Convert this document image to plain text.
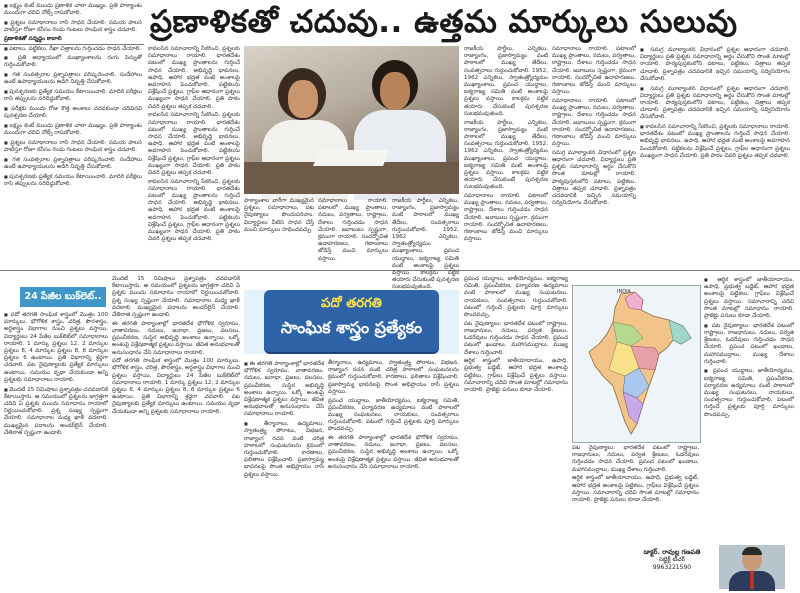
ప్రణాళికతో చదువు.. ఉత్తమ మార్కులు సులువు

■ లక్ష్యం కంటే ముందు ప్రణాళిక చాలా ముఖ్యం. ప్రతి పాఠ్యాంశం ముందుగా చదివి నోట్స్‌ రాసుకోవాలి.

■ ప్రశ్నలు సమాధానాలు రాసి సాధన చేయాలి. సమయ పాలన పాటిస్తూ రోజూ కనీసం రెండు గంటలు సాంఘిక శాస్త్రం చదవాలి.

ప్రణాళికతో సన్నద్ధం కావాలి

■ పటాలు, పట్టికలు, రేఖా చిత్రాలను గుర్తించడం సాధన చేయాలి.

■ ప్రతి అధ్యాయంలో ముఖ్యాంశాలను రంగు పెన్నుతో గుర్తించుకోవాలి.

■ గత సంవత్సరాల ప్రశ్నాపత్రాలు పరిష్కరించాలి. సందేహాలు ఉంటే ఉపాధ్యాయులను అడిగి నివృత్తి చేసుకోవాలి.

■ పునశ్చరణకు ప్రత్యేక సమయం కేటాయించాలి. మాదిరి పరీక్షలు రాసి తప్పులను సరిదిద్దుకోవాలి.

■ పరీక్షకు ముందు రోజు కొత్త అంశాలు చదవకుండా చదివినవి పునశ్చరణ చేయాలి.

■ లక్ష్యం కంటే ముందు ప్రణాళిక చాలా ముఖ్యం. ప్రతి పాఠ్యాంశం ముందుగా చదివి నోట్స్‌ రాసుకోవాలి.

■ ప్రశ్నలు సమాధానాలు రాసి సాధన చేయాలి. సమయ పాలన పాటిస్తూ రోజూ కనీసం రెండు గంటలు సాంఘిక శాస్త్రం చదవాలి.

■ గత సంవత్సరాల ప్రశ్నాపత్రాలు పరిష్కరించాలి. సందేహాలు ఉంటే ఉపాధ్యాయులను అడిగి నివృత్తి చేసుకోవాలి.

■ పునశ్చరణకు ప్రత్యేక సమయం కేటాయించాలి. మాదిరి పరీక్షలు రాసి తప్పులను సరిదిద్దుకోవాలి.

కావలసిన సమాచారాన్ని సేకరించి, ప్రశ్నలకు సమాధానాలు రాయాలి. భారతదేశం పటంలో ముఖ్య ప్రాంతాలను గుర్తించే సాధన చేయాలి. అభివృద్ధి భావనలు, ఉపాధి, ఆహార భద్రత వంటి అంశాలపై అవగాహన పెంచుకోవాలి. పట్టికలను విశ్లేషించే ప్రశ్నలు, గ్రాఫ్‌ల ఆధారంగా ప్రశ్నలు ముఖ్యంగా సాధన చేయాలి. ప్రతి పాఠం చివరి ప్రశ్నలు తప్పక చదవాలి.

కావలసిన సమాచారాన్ని సేకరించి, ప్రశ్నలకు సమాధానాలు రాయాలి. భారతదేశం పటంలో ముఖ్య ప్రాంతాలను గుర్తించే సాధన చేయాలి. అభివృద్ధి భావనలు, ఉపాధి, ఆహార భద్రత వంటి అంశాలపై అవగాహన పెంచుకోవాలి. పట్టికలను విశ్లేషించే ప్రశ్నలు, గ్రాఫ్‌ల ఆధారంగా ప్రశ్నలు ముఖ్యంగా సాధన చేయాలి. ప్రతి పాఠం చివరి ప్రశ్నలు తప్పక చదవాలి.

కావలసిన సమాచారాన్ని సేకరించి, ప్రశ్నలకు సమాధానాలు రాయాలి. భారతదేశం పటంలో ముఖ్య ప్రాంతాలను గుర్తించే సాధన చేయాలి. అభివృద్ధి భావనలు, ఉపాధి, ఆహార భద్రత వంటి అంశాలపై అవగాహన పెంచుకోవాలి. పట్టికలను విశ్లేషించే ప్రశ్నలు, గ్రాఫ్‌ల ఆధారంగా ప్రశ్నలు ముఖ్యంగా సాధన చేయాలి. ప్రతి పాఠం చివరి ప్రశ్నలు తప్పక చదవాలి.

పాఠ్యాంశాల వారీగా ముఖ్యమైన ప్రశ్నలు, సమాధానాలు, పట నైపుణ్యాలు పొందుపరిచాం. విద్యార్థులు వీటిని సాధన చేస్తే మంచి మార్కులు సాధించవచ్చు.

సమాధానాలు రాయాలి. పటాలలో ముఖ్య ప్రాంతాలు, నదులు, పర్వతాలు, రాష్ట్రాలు, దేశాలు గుర్తించడం సాధన చేయాలి. జవాబులు స్పష్టంగా, క్రమంగా రాయాలి. సందర్భోచిత ఉదాహరణలు, గణాంకాలు జోడిస్తే మంచి మార్కులు వస్తాయి.

రాజకీయ పార్టీలు, ఎన్నికలు, రాజ్యాంగం, ప్రజాస్వామ్యం వంటి పాఠాలలో ముఖ్య తేదీలు, సంవత్సరాలు గుర్తుంచుకోవాలి. 1952, 1962 ఎన్నికలు, స్వాతంత్ర్యోద్యమం ముఖ్యాంశాలు, ప్రపంచ యుద్ధాలు, ఐక్యరాజ్య సమితి వంటి అంశాలపై ప్రశ్నలు వస్తాయి. కాలక్రమ పట్టిక తయారు చేసుకుంటే పునశ్చరణ సులభమవుతుంది.

రాజకీయ పార్టీలు, ఎన్నికలు, రాజ్యాంగం, ప్రజాస్వామ్యం వంటి పాఠాలలో ముఖ్య తేదీలు, సంవత్సరాలు గుర్తుంచుకోవాలి. 1952, 1962 ఎన్నికలు, స్వాతంత్ర్యోద్యమం ముఖ్యాంశాలు, ప్రపంచ యుద్ధాలు, ఐక్యరాజ్య సమితి వంటి అంశాలపై ప్రశ్నలు వస్తాయి. కాలక్రమ పట్టిక తయారు చేసుకుంటే పునశ్చరణ సులభమవుతుంది.

రాజకీయ పార్టీలు, ఎన్నికలు, రాజ్యాంగం, ప్రజాస్వామ్యం వంటి పాఠాలలో ముఖ్య తేదీలు, సంవత్సరాలు గుర్తుంచుకోవాలి. 1952, 1962 ఎన్నికలు, స్వాతంత్ర్యోద్యమం ముఖ్యాంశాలు, ప్రపంచ యుద్ధాలు, ఐక్యరాజ్య సమితి వంటి అంశాలపై ప్రశ్నలు వస్తాయి. కాలక్రమ పట్టిక తయారు చేసుకుంటే పునశ్చరణ సులభమవుతుంది.

సమాధానాలు రాయాలి. పటాలలో ముఖ్య ప్రాంతాలు, నదులు, పర్వతాలు, రాష్ట్రాలు, దేశాలు గుర్తించడం సాధన చేయాలి. జవాబులు స్పష్టంగా, క్రమంగా రాయాలి. సందర్భోచిత ఉదాహరణలు, గణాంకాలు జోడిస్తే మంచి మార్కులు వస్తాయి.

సమాధానాలు రాయాలి. పటాలలో ముఖ్య ప్రాంతాలు, నదులు, పర్వతాలు, రాష్ట్రాలు, దేశాలు గుర్తించడం సాధన చేయాలి. జవాబులు స్పష్టంగా, క్రమంగా రాయాలి. సందర్భోచిత ఉదాహరణలు, గణాంకాలు జోడిస్తే మంచి మార్కులు వస్తాయి.

సమాధానాలు రాయాలి. పటాలలో ముఖ్య ప్రాంతాలు, నదులు, పర్వతాలు, రాష్ట్రాలు, దేశాలు గుర్తించడం సాధన చేయాలి. జవాబులు స్పష్టంగా, క్రమంగా రాయాలి. సందర్భోచిత ఉదాహరణలు, గణాంకాలు జోడిస్తే మంచి మార్కులు వస్తాయి.

సమగ్ర మూల్యాంకన విధానంలో ప్రశ్నల ఆధారంగా చదవాలి. విద్యార్థులు ప్రతి ప్రశ్నకు సమాధానాన్ని అర్థం చేసుకొని సొంత మాటల్లో రాయాలి. పాఠ్యపుస్తకంలోని పటాలు, పట్టికలు, చిత్రాలు తప్పక చూడాలి. ప్రశ్నాపత్రం చదవడానికి ఇచ్చిన సమయాన్ని సద్వినియోగం చేసుకోవాలి.

■ సమగ్ర మూల్యాంకన విధానంలో ప్రశ్నల ఆధారంగా చదవాలి. విద్యార్థులు ప్రతి ప్రశ్నకు సమాధానాన్ని అర్థం చేసుకొని సొంత మాటల్లో రాయాలి. పాఠ్యపుస్తకంలోని పటాలు, పట్టికలు, చిత్రాలు తప్పక చూడాలి. ప్రశ్నాపత్రం చదవడానికి ఇచ్చిన సమయాన్ని సద్వినియోగం చేసుకోవాలి.

■ సమగ్ర మూల్యాంకన విధానంలో ప్రశ్నల ఆధారంగా చదవాలి. విద్యార్థులు ప్రతి ప్రశ్నకు సమాధానాన్ని అర్థం చేసుకొని సొంత మాటల్లో రాయాలి. పాఠ్యపుస్తకంలోని పటాలు, పట్టికలు, చిత్రాలు తప్పక చూడాలి. ప్రశ్నాపత్రం చదవడానికి ఇచ్చిన సమయాన్ని సద్వినియోగం చేసుకోవాలి.

■ కావలసిన సమాచారాన్ని సేకరించి, ప్రశ్నలకు సమాధానాలు రాయాలి. భారతదేశం పటంలో ముఖ్య ప్రాంతాలను గుర్తించే సాధన చేయాలి. అభివృద్ధి భావనలు, ఉపాధి, ఆహార భద్రత వంటి అంశాలపై అవగాహన పెంచుకోవాలి. పట్టికలను విశ్లేషించే ప్రశ్నలు, గ్రాఫ్‌ల ఆధారంగా ప్రశ్నలు ముఖ్యంగా సాధన చేయాలి. ప్రతి పాఠం చివరి ప్రశ్నలు తప్పక చదవాలి.

24 పేజీల బుక్‌లెట్‌..

■ పదో తరగతి సాంఘిక శాస్త్రంలో మొత్తం 100 మార్కులు. భౌగోళిక శాస్త్రం, చరిత్ర, పౌరశాస్త్రం, అర్థశాస్త్రం విభాగాల నుంచి ప్రశ్నలు వస్తాయి. విద్యార్థులు 24 పేజీల బుక్‌లెట్‌లో సమాధానాలు రాయాలి. 1 మార్కు ప్రశ్నలు 12, 2 మార్కుల ప్రశ్నలు 8, 4 మార్కుల ప్రశ్నలు 8, 8 మార్కుల ప్రశ్నలు 6 ఉంటాయి. ప్రతి విభాగాన్ని శ్రద్ధగా చదవాలి. పట నైపుణ్యాలకు ప్రత్యేక మార్కులు ఉంటాయి. సమయం వృథా చేయకుండా అన్ని ప్రశ్నలకు సమాధానాలు రాయాలి.

■ మొదటి 15 నిమిషాలు ప్రశ్నాపత్రం చదవడానికి కేటాయిస్తారు. ఆ సమయంలో ప్రశ్నలను జాగ్రత్తగా చదివి ఏ ప్రశ్నకు ముందు సమాధానం రాయాలో నిర్ణయించుకోవాలి. ప్రశ్న సంఖ్య స్పష్టంగా వేయాలి. సమాధానాల మధ్య ఖాళీ వదలాలి. ముఖ్యమైన పదాలను అండర్‌లైన్‌ చేయాలి. చేతిరాత స్పష్టంగా ఉండాలి.

మొదటి 15 నిమిషాలు ప్రశ్నాపత్రం చదవడానికి కేటాయిస్తారు. ఆ సమయంలో ప్రశ్నలను జాగ్రత్తగా చదివి ఏ ప్రశ్నకు ముందు సమాధానం రాయాలో నిర్ణయించుకోవాలి. ప్రశ్న సంఖ్య స్పష్టంగా వేయాలి. సమాధానాల మధ్య ఖాళీ వదలాలి. ముఖ్యమైన పదాలను అండర్‌లైన్‌ చేయాలి. చేతిరాత స్పష్టంగా ఉండాలి.

ఈ తరగతి పాఠ్యాంశాల్లో భారతదేశ భౌగోళిక స్వరూపం, వాతావరణం, నదులు, జనాభా, ప్రజలు, వలసలు, ప్రపంచీకరణ, సుస్థిర అభివృద్ధి అంశాలు ఉన్నాయి. ఒక్కో అంశంపై విశ్లేషణాత్మక ప్రశ్నలు వస్తాయి. జీవిత అనుభవాలతో అనుసంధానం చేసి సమాధానాలు రాయాలి.

పదో తరగతి సాంఘిక శాస్త్రంలో మొత్తం 100 మార్కులు. భౌగోళిక శాస్త్రం, చరిత్ర, పౌరశాస్త్రం, అర్థశాస్త్రం విభాగాల నుంచి ప్రశ్నలు వస్తాయి. విద్యార్థులు 24 పేజీల బుక్‌లెట్‌లో సమాధానాలు రాయాలి. 1 మార్కు ప్రశ్నలు 12, 2 మార్కుల ప్రశ్నలు 8, 4 మార్కుల ప్రశ్నలు 8, 8 మార్కుల ప్రశ్నలు 6 ఉంటాయి. ప్రతి విభాగాన్ని శ్రద్ధగా చదవాలి. పట నైపుణ్యాలకు ప్రత్యేక మార్కులు ఉంటాయి. సమయం వృథా చేయకుండా అన్ని ప్రశ్నలకు సమాధానాలు రాయాలి.

పదో తరగతి
సాంఘిక శాస్త్రం ప్రత్యేకం

■ ఈ తరగతి పాఠ్యాంశాల్లో భారతదేశ భౌగోళిక స్వరూపం, వాతావరణం, నదులు, జనాభా, ప్రజలు, వలసలు, ప్రపంచీకరణ, సుస్థిర అభివృద్ధి అంశాలు ఉన్నాయి. ఒక్కో అంశంపై విశ్లేషణాత్మక ప్రశ్నలు వస్తాయి. జీవిత అనుభవాలతో అనుసంధానం చేసి సమాధానాలు రాయాలి.

■ తీర్మానాలు, ఉద్యమాలు, స్వాతంత్ర్య పోరాటం, విభజన, రాజ్యాంగ రచన వంటి చరిత్ర పాఠాలలో సంఘటనలను క్రమంలో గుర్తుంచుకోవాలి. కారణాలు, ఫలితాలు విశ్లేషించాలి. ప్రజాస్వామ్య భావనలపై సొంత అభిప్రాయం రాసే ప్రశ్నలు వస్తాయి.

తీర్మానాలు, ఉద్యమాలు, స్వాతంత్ర్య పోరాటం, విభజన, రాజ్యాంగ రచన వంటి చరిత్ర పాఠాలలో సంఘటనలను క్రమంలో గుర్తుంచుకోవాలి. కారణాలు, ఫలితాలు విశ్లేషించాలి. ప్రజాస్వామ్య భావనలపై సొంత అభిప్రాయం రాసే ప్రశ్నలు వస్తాయి.

ప్రపంచ యుద్ధాలు, జాతీయోద్యమం, ఐక్యరాజ్య సమితి, ప్రపంచీకరణ, పర్యావరణ ఉద్యమాలు వంటి పాఠాలలో ముఖ్య సంఘటనలు, నాయకులు, సంవత్సరాలు గుర్తుంచుకోవాలి. పటంలో గుర్తించే ప్రశ్నలకు పూర్తి మార్కులు పొందవచ్చు.

ఈ తరగతి పాఠ్యాంశాల్లో భారతదేశ భౌగోళిక స్వరూపం, వాతావరణం, నదులు, జనాభా, ప్రజలు, వలసలు, ప్రపంచీకరణ, సుస్థిర అభివృద్ధి అంశాలు ఉన్నాయి. ఒక్కో అంశంపై విశ్లేషణాత్మక ప్రశ్నలు వస్తాయి. జీవిత అనుభవాలతో అనుసంధానం చేసి సమాధానాలు రాయాలి.

ప్రపంచ యుద్ధాలు, జాతీయోద్యమం, ఐక్యరాజ్య సమితి, ప్రపంచీకరణ, పర్యావరణ ఉద్యమాలు వంటి పాఠాలలో ముఖ్య సంఘటనలు, నాయకులు, సంవత్సరాలు గుర్తుంచుకోవాలి. పటంలో గుర్తించే ప్రశ్నలకు పూర్తి మార్కులు పొందవచ్చు.

పట నైపుణ్యాలు: భారతదేశ పటంలో రాష్ట్రాలు, రాజధానులు, నదులు, పర్వత శ్రేణులు, ఓడరేవులు గుర్తించడం సాధన చేయాలి. ప్రపంచ పటంలో ఖండాలు, మహాసముద్రాలు, ముఖ్య దేశాలు గుర్తించాలి.

ఆర్థిక శాస్త్రంలో జాతీయాదాయం, ఉపాధి, ప్రభుత్వ బడ్జెట్‌, ఆహార భద్రత అంశాలపై పట్టికలు, గ్రాఫ్‌లు విశ్లేషించే ప్రశ్నలు వస్తాయి. సమాచారాన్ని చదివి సొంత మాటల్లో సమాధానం రాయాలి. ప్రాజెక్టు పనులు కూడా చేయాలి.

INDIA

పట నైపుణ్యాలు: భారతదేశ పటంలో రాష్ట్రాలు, రాజధానులు, నదులు, పర్వత శ్రేణులు, ఓడరేవులు గుర్తించడం సాధన చేయాలి. ప్రపంచ పటంలో ఖండాలు, మహాసముద్రాలు, ముఖ్య దేశాలు గుర్తించాలి.

ఆర్థిక శాస్త్రంలో జాతీయాదాయం, ఉపాధి, ప్రభుత్వ బడ్జెట్‌, ఆహార భద్రత అంశాలపై పట్టికలు, గ్రాఫ్‌లు విశ్లేషించే ప్రశ్నలు వస్తాయి. సమాచారాన్ని చదివి సొంత మాటల్లో సమాధానం రాయాలి. ప్రాజెక్టు పనులు కూడా చేయాలి.

■ ఆర్థిక శాస్త్రంలో జాతీయాదాయం, ఉపాధి, ప్రభుత్వ బడ్జెట్‌, ఆహార భద్రత అంశాలపై పట్టికలు, గ్రాఫ్‌లు విశ్లేషించే ప్రశ్నలు వస్తాయి. సమాచారాన్ని చదివి సొంత మాటల్లో సమాధానం రాయాలి. ప్రాజెక్టు పనులు కూడా చేయాలి.

■ పట నైపుణ్యాలు: భారతదేశ పటంలో రాష్ట్రాలు, రాజధానులు, నదులు, పర్వత శ్రేణులు, ఓడరేవులు గుర్తించడం సాధన చేయాలి. ప్రపంచ పటంలో ఖండాలు, మహాసముద్రాలు, ముఖ్య దేశాలు గుర్తించాలి.

■ ప్రపంచ యుద్ధాలు, జాతీయోద్యమం, ఐక్యరాజ్య సమితి, ప్రపంచీకరణ, పర్యావరణ ఉద్యమాలు వంటి పాఠాలలో ముఖ్య సంఘటనలు, నాయకులు, సంవత్సరాలు గుర్తుంచుకోవాలి. పటంలో గుర్తించే ప్రశ్నలకు పూర్తి మార్కులు పొందవచ్చు.

డాక్టర్‌. రావుల్ల గణపతి
సబ్జెక్ట్‌ టీచర్‌
9963221590
